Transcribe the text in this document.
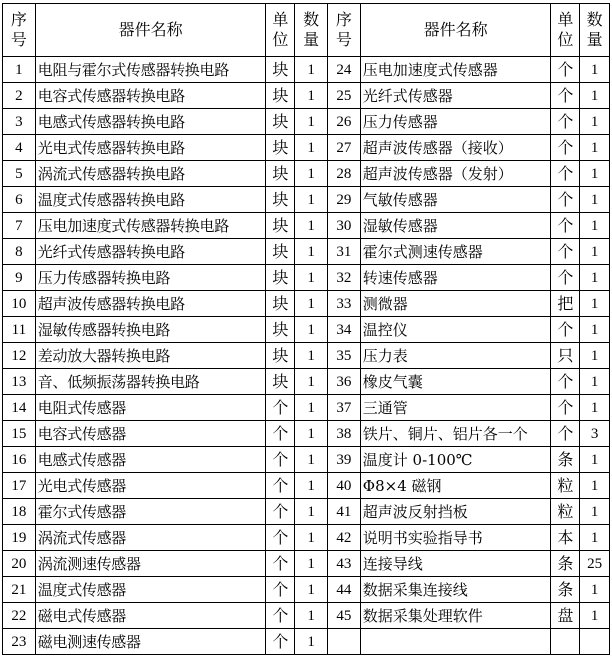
序号	器件名称	单位	数量	序号	器件名称	单位	数量
1	电阻与霍尔式传感器转换电路	块	1	24	压电加速度式传感器	个	1
2	电容式传感器转换电路	块	1	25	光纤式传感器	个	1
3	电感式传感器转换电路	块	1	26	压力传感器	个	1
4	光电式传感器转换电路	块	1	27	超声波传感器（接收）	个	1
5	涡流式传感器转换电路	块	1	28	超声波传感器（发射）	个	1
6	温度式传感器转换电路	块	1	29	气敏传感器	个	1
7	压电加速度式传感器转换电路	块	1	30	湿敏传感器	个	1
8	光纤式传感器转换电路	块	1	31	霍尔式测速传感器	个	1
9	压力传感器转换电路	块	1	32	转速传感器	个	1
10	超声波传感器转换电路	块	1	33	测微器	把	1
11	湿敏传感器转换电路	块	1	34	温控仪	个	1
12	差动放大器转换电路	块	1	35	压力表	只	1
13	音、低频振荡器转换电路	块	1	36	橡皮气囊	个	1
14	电阻式传感器	个	1	37	三通管	个	1
15	电容式传感器	个	1	38	铁片、铜片、铝片各一个	个	3
16	电感式传感器	个	1	39	温度计 0-100℃	条	1
17	光电式传感器	个	1	40	Φ8×4 磁钢	粒	1
18	霍尔式传感器	个	1	41	超声波反射挡板	粒	1
19	涡流式传感器	个	1	42	说明书实验指导书	本	1
20	涡流测速传感器	个	1	43	连接导线	条	25
21	温度式传感器	个	1	44	数据采集连接线	条	1
22	磁电式传感器	个	1	45	数据采集处理软件	盘	1
23	磁电测速传感器	个	1				
